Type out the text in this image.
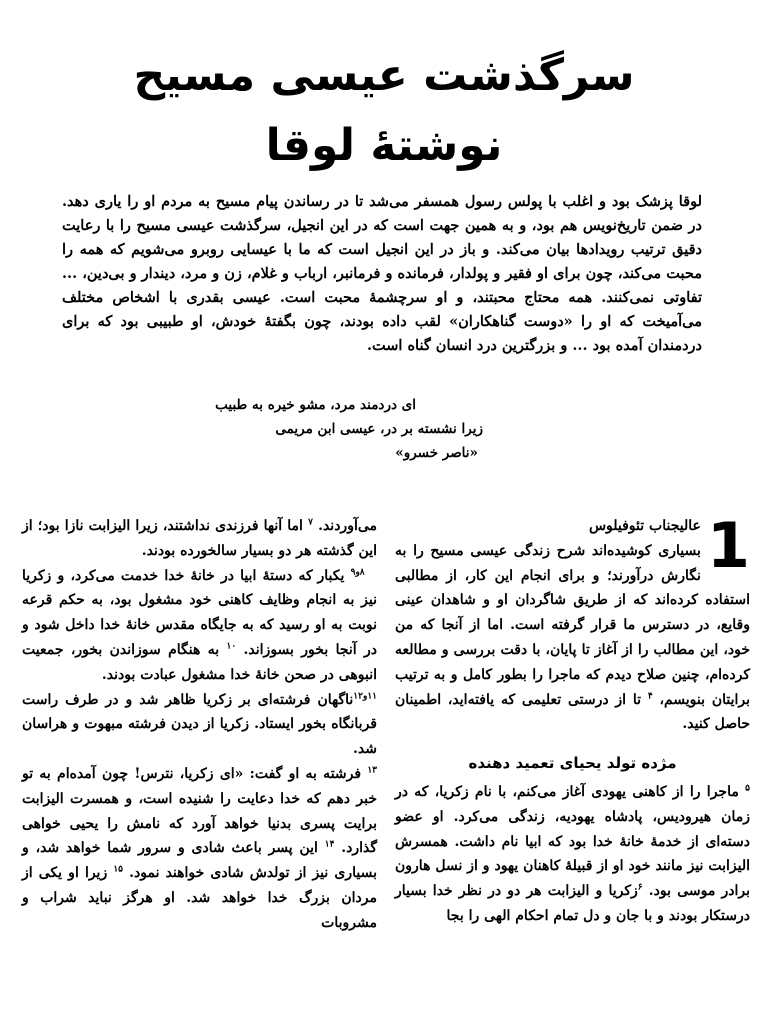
سرگذشت عیسی مسیح
نوشتهٔ لوقا

لوقا پزشک بود و اغلب با پولس رسول همسفر می‌شد تا در رساندن پیام مسیح به مردم او را یاری دهد. در ضمن تاریخ‌نویس هم بود، و به همین جهت است که در این انجیل، سرگذشت عیسی مسیح را با رعایت دقیق ترتیب رویدادها بیان می‌کند. و باز در این انجیل است که ما با عیسایی روبرو می‌شویم که همه را محبت می‌کند، چون برای او فقیر و پولدار، فرمانده و فرمانبر، ارباب و غلام، زن و مرد، دیندار و بی‌دین، ... تفاوتی نمی‌کنند. همه محتاج محبتند، و او سرچشمهٔ محبت است. عیسی بقدری با اشخاص مختلف می‌آمیخت که او را «دوست گناهکاران» لقب داده بودند، چون بگفتهٔ خودش، او طبیبی بود که برای دردمندان آمده بود ... و بزرگترین درد انسان گناه است.

ای دردمند مرد، مشو خیره به طبیب
زیرا نشسته بر در، عیسی ابن مریمی
«ناصر خسرو»
1

عالیجناب تئوفیلوس
بسیاری کوشیده‌اند شرح زندگی عیسی مسیح را به نگارش درآورند؛ و برای انجام این کار، از مطالبی استفاده کرده‌اند که از طریق شاگردان او و شاهدان عینی وقایع، در دسترس ما قرار گرفته است. اما از آنجا که من خود، این مطالب را از آغاز تا پایان، با دقت بررسی و مطالعه کرده‌ام، چنین صلاح دیدم که ماجرا را بطور کامل و به ترتیب برایتان بنویسم، $^۴$ تا از درستی تعلیمی که یافته‌اید، اطمینان حاصل کنید.

مژده تولد یحیای تعمید دهنده

$^۵$ ماجرا را از کاهنی یهودی آغاز می‌کنم، با نام زکریا، که در زمان هیرودیس، پادشاه یهودیه، زندگی می‌کرد. او عضو دسته‌ای از خدمهٔ خانهٔ خدا بود که ابیا نام داشت. همسرش الیزابت نیز مانند خود او از قبیلهٔ کاهنان یهود و از نسل هارون برادر موسی بود. $^۶$زکریا و الیزابت هر دو در نظر خدا بسیار درستکار بودند و با جان و دل تمام احکام الهی را بجا

می‌آوردند. $^۷$ اما آنها فرزندی نداشتند، زیرا الیزابت نازا بود؛ از این گذشته هر دو بسیار سالخورده بودند.

$^{۸و۹}$ یکبار که دستهٔ ابیا در خانهٔ خدا خدمت می‌کرد، و زکریا نیز به انجام وظایف کاهنی خود مشغول بود، به حکم قرعه نوبت به او رسید که به جایگاه مقدس خانهٔ خدا داخل شود و در آنجا بخور بسوزاند. $^{۱۰}$ به هنگام سوزاندن بخور، جمعیت انبوهی در صحن خانهٔ خدا مشغول عبادت بودند.

$^{۱۱و۱۲}$ناگهان فرشته‌ای بر زکریا ظاهر شد و در طرف راست قربانگاه بخور ایستاد. زکریا از دیدن فرشته مبهوت و هراسان شد.

$^{۱۳}$ فرشته به او گفت: «ای زکریا، نترس! چون آمده‌ام به تو خبر دهم که خدا دعایت را شنیده است، و همسرت الیزابت برایت پسری بدنیا خواهد آورد که نامش را یحیی خواهی گذارد. $^{۱۴}$ این پسر باعث شادی و سرور شما خواهد شد، و بسیاری نیز از تولدش شادی خواهند نمود. $^{۱۵}$ زیرا او یکی از مردان بزرگ خدا خواهد شد. او هرگز نباید شراب و مشروبات
